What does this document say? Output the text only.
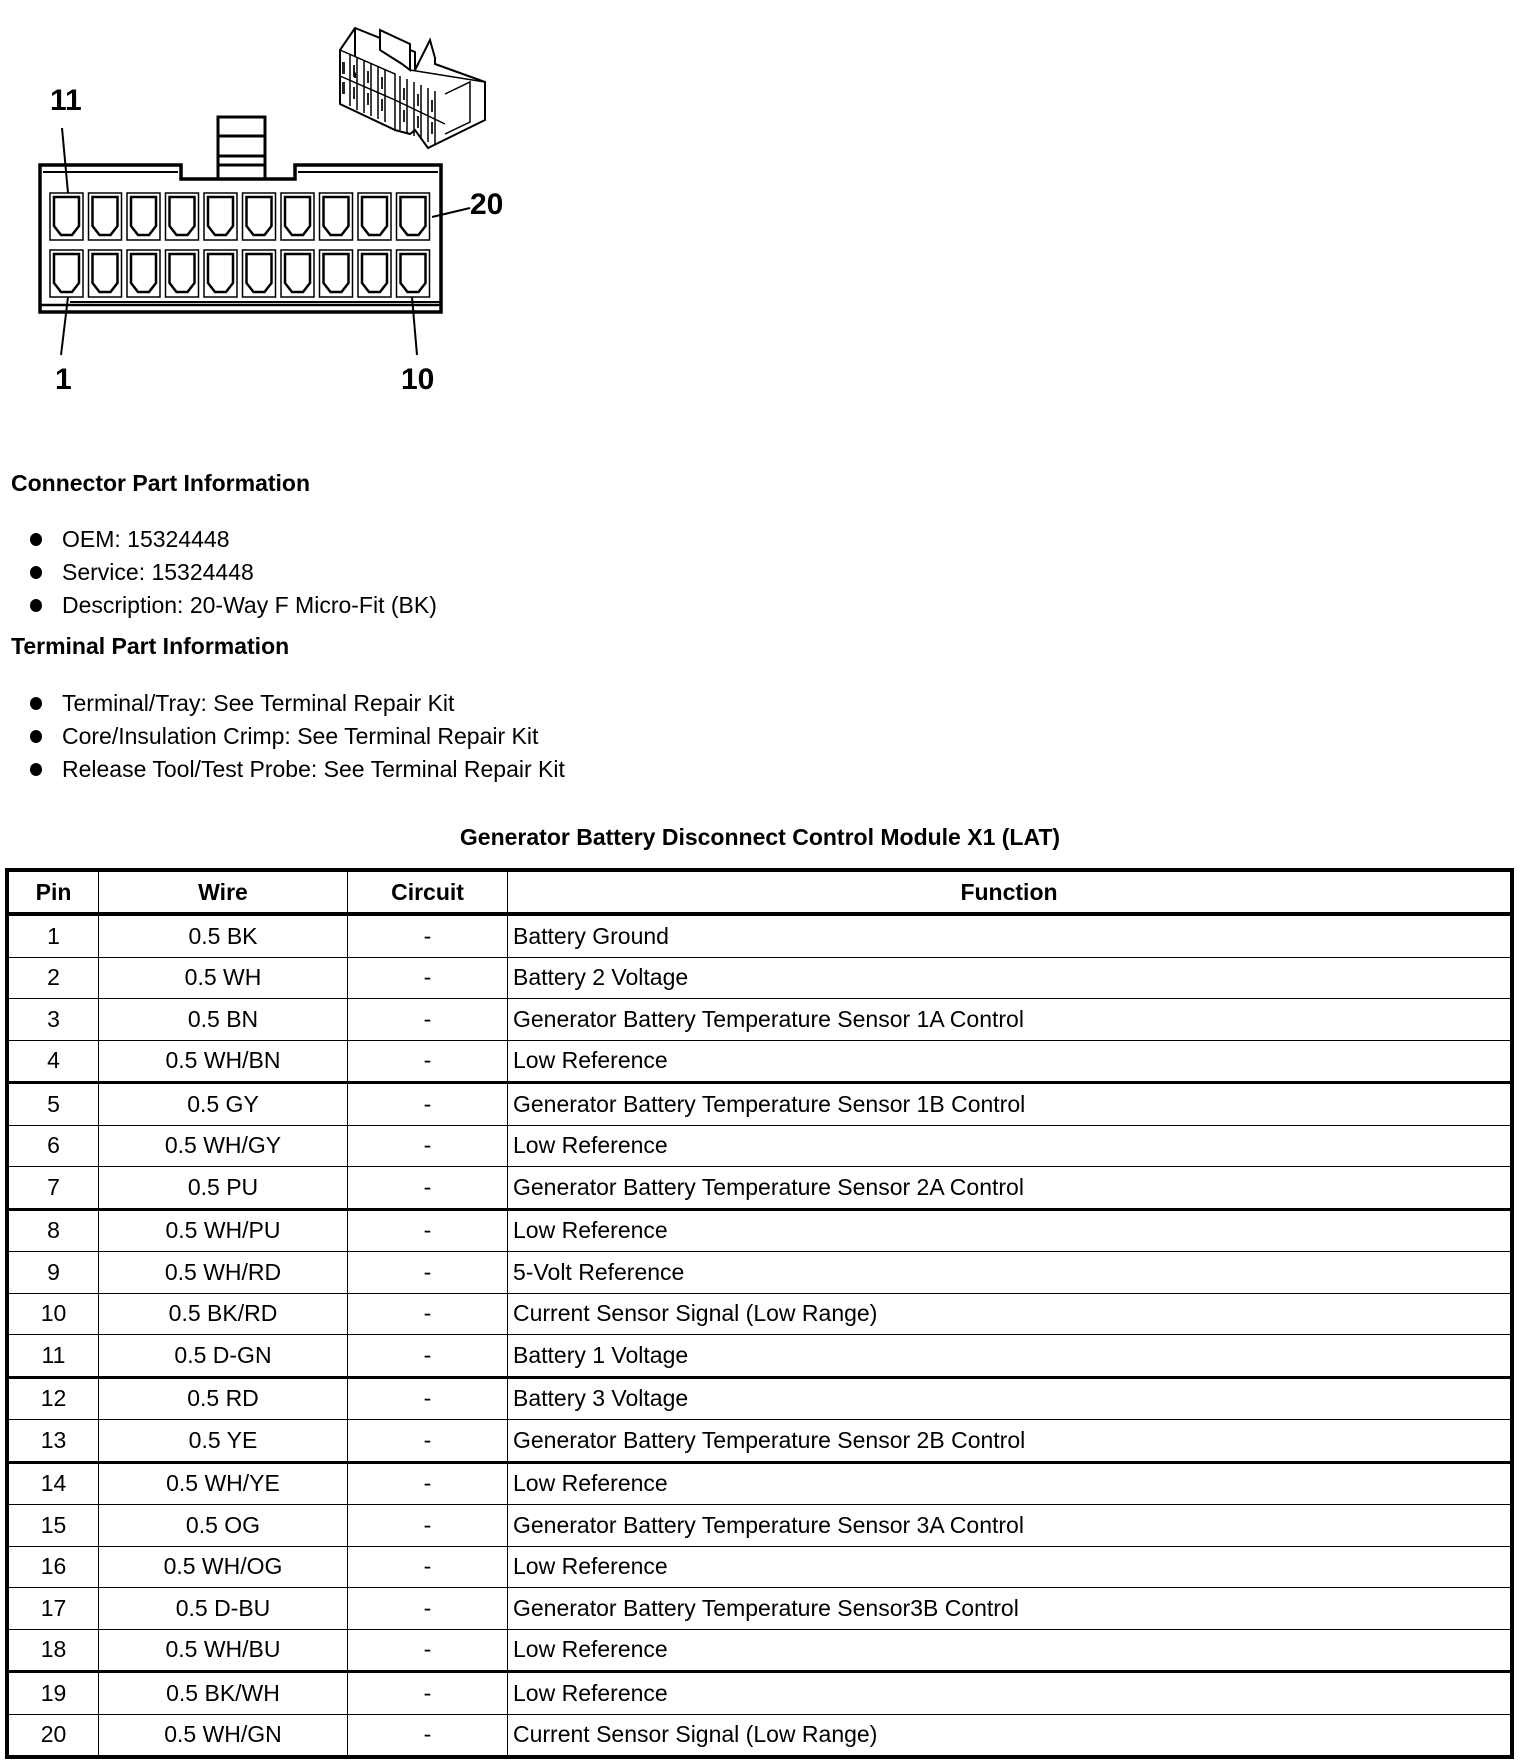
11
20
1	10
Connector Part Information
OEM: 15324448
Service: 15324448
Description: 20-Way F Micro-Fit (BK)
Terminal Part Information
Terminal/Tray: See Terminal Repair Kit
Core/Insulation Crimp: See Terminal Repair Kit
Release Tool/Test Probe: See Terminal Repair Kit
Generator Battery Disconnect Control Module X1 (LAT)
Pin	Wire	Circuit	Function
1	0.5 BK	-	Battery Ground
2	0.5 WH	-	Battery 2 Voltage
3	0.5 BN	-	Generator Battery Temperature Sensor 1A Control
4	0.5 WH/BN	-	Low Reference
5	0.5 GY	-	Generator Battery Temperature Sensor 1B Control
6	0.5 WH/GY	-	Low Reference
7	0.5 PU	-	Generator Battery Temperature Sensor 2A Control
8	0.5 WH/PU	-	Low Reference
9	0.5 WH/RD	-	5-Volt Reference
10	0.5 BK/RD	-	Current Sensor Signal (Low Range)
11	0.5 D-GN	-	Battery 1 Voltage
12	0.5 RD	-	Battery 3 Voltage
13	0.5 YE	-	Generator Battery Temperature Sensor 2B Control
14	0.5 WH/YE	-	Low Reference
15	0.5 OG	-	Generator Battery Temperature Sensor 3A Control
16	0.5 WH/OG	-	Low Reference
17	0.5 D-BU	-	Generator Battery Temperature Sensor3B Control
18	0.5 WH/BU	-	Low Reference
19	0.5 BK/WH	-	Low Reference
20	0.5 WH/GN	-	Current Sensor Signal (Low Range)
